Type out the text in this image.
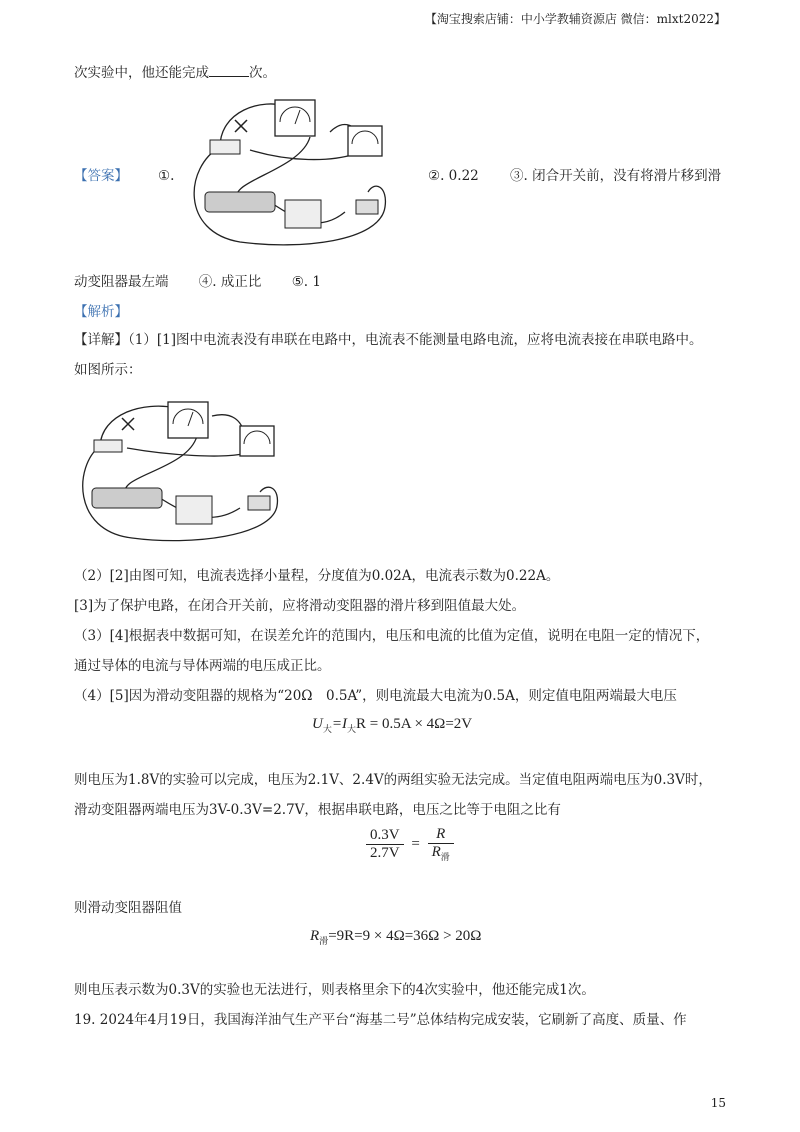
【淘宝搜索店铺：中小学教辅资源店 微信：mlxt2022】
次实验中，他还能完成	次。
【答案】 ①.	②. 0.22 ③. 闭合开关前，没有将滑片移到滑
动变阻器最左端 ④. 成正比 ⑤. 1
【解析】
【详解】（1）[1]图中电流表没有串联在电路中，电流表不能测量电路电流，应将电流表接在串联电路中。
如图所示：
（2）[2]由图可知，电流表选择小量程，分度值为0.02A，电流表示数为0.22A。
[3]为了保护电路，在闭合开关前，应将滑动变阻器的滑片移到阻值最大处。
（3）[4]根据表中数据可知，在误差允许的范围内，电压和电流的比值为定值，说明在电阻一定的情况下，
通过导体的电流与导体两端的电压成正比。
（4）[5]因为滑动变阻器的规格为“20Ω　0.5A”，则电流最大电流为0.5A，则定值电阻两端最大电压
$U_大=I_大R = 0.5A \times 4\Omega=2V$
则电压为1.8V的实验可以完成，电压为2.1V、2.4V的两组实验无法完成。当定值电阻两端电压为0.3V时，
滑动变阻器两端电压为3V-0.3V=2.7V，根据串联电路，电压之比等于电阻之比有
$\frac{0.3V}{2.7V} = \frac{R}{R_滑}$
则滑动变阻器阻值
$R_滑=9R=9 \times 4\Omega=36\Omega > 20\Omega$
则电压表示数为0.3V的实验也无法进行，则表格里余下的4次实验中，他还能完成1次。
19. 2024年4月19日，我国海洋油气生产平台“海基二号”总体结构完成安装，它刷新了高度、质量、作
15
